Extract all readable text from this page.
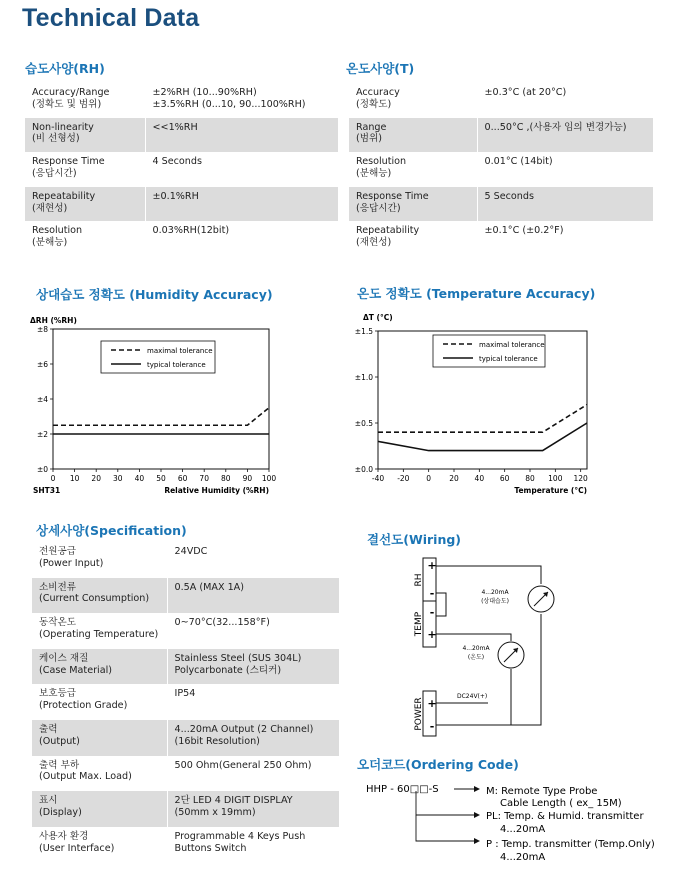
Technical Data
습도사양(RH)
Accuracy/Range
(정확도 및 범위)	±2%RH (10...90%RH)
±3.5%RH (0...10, 90...100%RH)
Non-linearity
(비 선형성)	<<1%RH
Response Time
(응답시간)	4 Seconds
Repeatability
(재현성)	±0.1%RH
Resolution
(분해능)	0.03%RH(12bit)
온도사양(T)
Accuracy
(정확도)	±0.3°C (at 20°C)
Range
(범위)	0...50°C ,(사용자 임의 변경가능)
Resolution
(분해능)	0.01°C (14bit)
Response Time
(응답시간)	5 Seconds
Repeatability
(재현성)	±0.1°C (±0.2°F)
상대습도 정확도 (Humidity Accuracy)	온도 정확도 (Temperature Accuracy)
0 10 20 30 40 50 60 70 80 90 100
±0
±2
±4
±6
±8
ΔRH (%RH)
Relative Humidity (%RH)
SHT31
maximal tolerance
typical tolerance
-40 -20 0 20 40 60 80 100 120
±0.0
±0.5
±1.0
±1.5
ΔT (°C)
Temperature (°C)
maximal tolerance
typical tolerance
상세사양(Specification)
전원공급
(Power Input)	24VDC
소비전류
(Current Consumption)	0.5A (MAX 1A)
동작온도
(Operating Temperature)	0~70°C(32...158°F)
케이스 재질
(Case Material)	Stainless Steel (SUS 304L)
Polycarbonate (스티커)
보호등급
(Protection Grade)	IP54
출력
(Output)	4...20mA Output (2 Channel)
(16bit Resolution)
출력 부하
(Output Max. Load)	500 Ohm(General 250 Ohm)
표시
(Display)	2단 LED 4 DIGIT DISPLAY
(50mm x 19mm)
사용자 환경
(User Interface)	Programmable 4 Keys Push
Buttons Switch
결선도(Wiring)
+
-
-
+
+
-
RH
TEMP
POWER
4...20mA
(상대습도)
4...20mA
(온도)
DC24V(+)
오더코드(Ordering Code)
HHP - 60□□-S	M: Remote Type Probe
Cable Length ( ex_ 15M)
PL: Temp. & Humid. transmitter
4...20mA
P : Temp. transmitter (Temp.Only)
4...20mA
